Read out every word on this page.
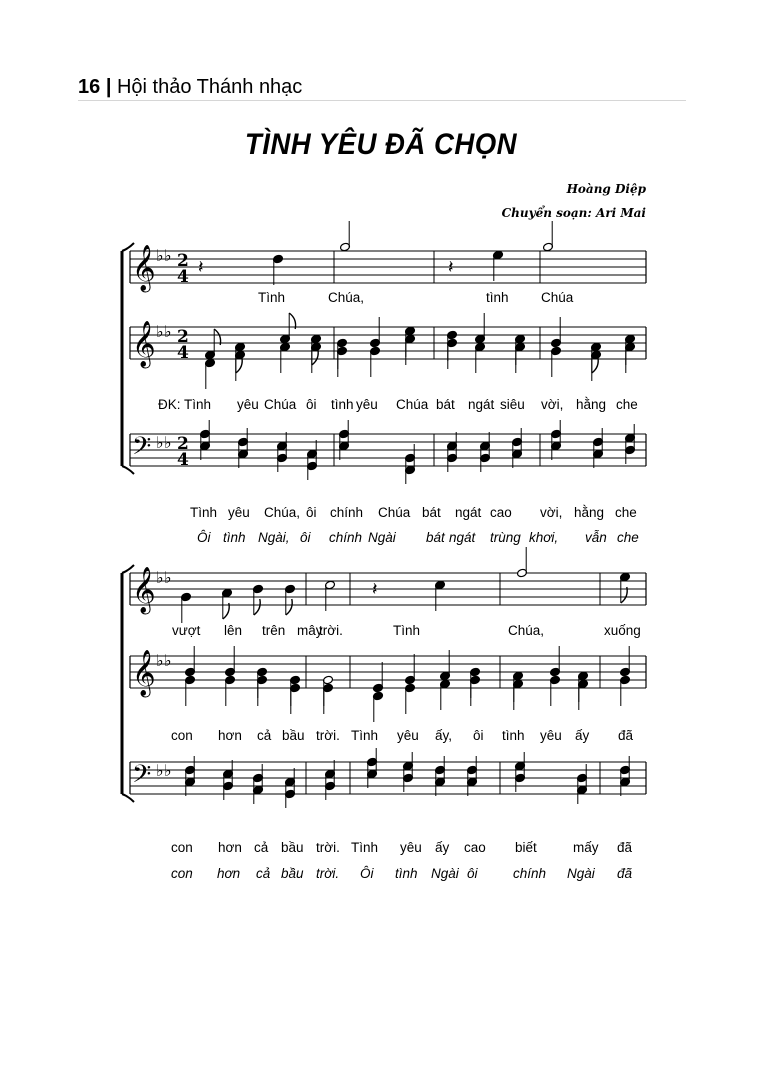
16 | Hội thảo Thánh nhạc
TÌNH YÊU ĐÃ CHỌN
Hoàng Diệp
Chuyển soạn: Ari Mai
𝄞 ♭ ♭ 2
4
𝄞 ♭ ♭ 2
4
𝄢 ♭ ♭ 2
4
𝄞 ♭ ♭
𝄞 ♭ ♭
𝄢 ♭ ♭
𝄽	𝄽
𝄽
Tình	Chúa,	tình Chúa
ĐK: Tình yêu Chúa ôi tình yêu Chúa bát ngát siêu vời, hằng che
Tình yêu Chúa, ôi chính Chúa bát ngát cao vời, hằng che
Ôi tình Ngài, ôi chính Ngài bát ngát trùng khơi, vẫn che
vượt lên trên mây
trời.	Tình	Chúa,	xuống
con hơn cả bầu trời. Tình yêu ấy, ôi tình yêu ấy đã
con hơn cả bầu trời. Tình yêu ấy cao biết	mấy đã
con hơn cả bầu trời. Ôi tình Ngài ôi	chính Ngài đã
